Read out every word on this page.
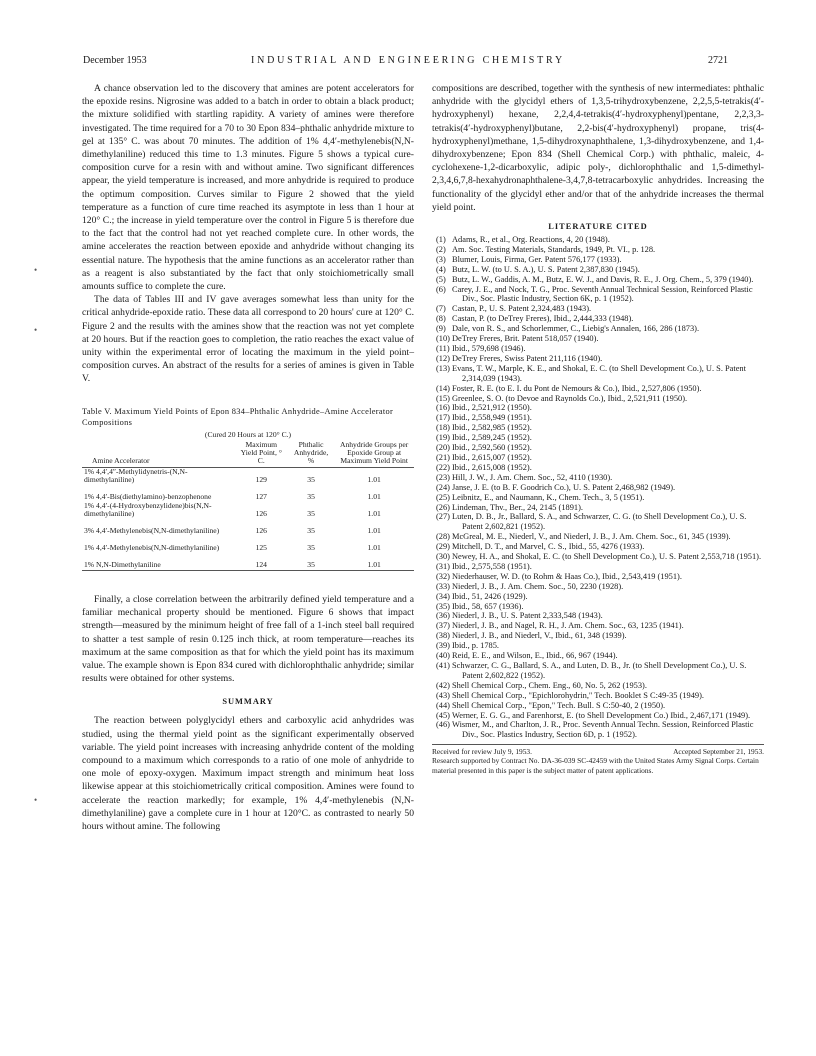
December 1953	INDUSTRIAL AND ENGINEERING CHEMISTRY	2721
•
•
•

A chance observation led to the discovery that amines are potent accelerators for the epoxide resins. Nigrosine was added to a batch in order to obtain a black product; the mixture solidified with startling rapidity. A variety of amines were therefore investigated. The time required for a 70 to 30 Epon 834–phthalic anhydride mixture to gel at 135° C. was about 70 minutes. The addition of 1% 4,4′-methylenebis(N,N-dimethylaniline) reduced this time to 1.3 minutes. Figure 5 shows a typical cure-composition curve for a resin with and without amine. Two significant differences appear, the yield temperature is increased, and more anhydride is required to produce the optimum composition. Curves similar to Figure 2 showed that the yield temperature as a function of cure time reached its asymptote in less than 1 hour at 120° C.; the increase in yield temperature over the control in Figure 5 is therefore due to the fact that the control had not yet reached complete cure. In other words, the amine accelerates the reaction between epoxide and anhydride without changing its essential nature. The hypothesis that the amine functions as an accelerator rather than as a reagent is also substantiated by the fact that only stoichiometrically small amounts suffice to complete the cure.

The data of Tables III and IV gave averages somewhat less than unity for the critical anhydride-epoxide ratio. These data all correspond to 20 hours' cure at 120° C. Figure 2 and the results with the amines show that the reaction was not yet complete at 20 hours. But if the reaction goes to completion, the ratio reaches the exact value of unity within the experimental error of locating the maximum in the yield point–composition curves. An abstract of the results for a series of amines is given in Table V.

Table V. Maximum Yield Points of Epon 834–Phthalic Anhydride–Amine Accelerator Compositions
(Cured 20 Hours at 120° C.)
Amine Accelerator	Maximum Yield Point, ° C.	Phthalic Anhydride, %	Anhydride Groups per Epoxide Group at Maximum Yield Point
1% 4,4′,4″-Methylidynetris-(N,N-dimethylaniline)	129	35	1.01
1% 4,4′-Bis(diethylamino)-benzophenone	127	35	1.01
1% 4,4′-(4-Hydroxybenzylidene)bis(N,N-dimethylaniline)	126	35	1.01
3% 4,4′-Methylenebis(N,N-dimethylaniline)	126	35	1.01
1% 4,4′-Methylenebis(N,N-dimethylaniline)	125	35	1.01
1% N,N-Dimethylaniline	124	35	1.01

Finally, a close correlation between the arbitrarily defined yield temperature and a familiar mechanical property should be mentioned. Figure 6 shows that impact strength—measured by the minimum height of free fall of a 1-inch steel ball required to shatter a test sample of resin 0.125 inch thick, at room temperature—reaches its maximum at the same composition as that for which the yield point has its maximum value. The example shown is Epon 834 cured with dichlorophthalic anhydride; similar results were obtained for other systems.

SUMMARY

The reaction between polyglycidyl ethers and carboxylic acid anhydrides was studied, using the thermal yield point as the significant experimentally observed variable. The yield point increases with increasing anhydride content of the molding compound to a maximum which corresponds to a ratio of one mole of anhydride to one mole of epoxy-oxygen. Maximum impact strength and minimum heat loss likewise appear at this stoichiometrically critical composition. Amines were found to accelerate the reaction markedly; for example, 1% 4,4′-methylenebis (N,N-dimethylaniline) gave a complete cure in 1 hour at 120°C. as contrasted to nearly 50 hours without amine. The following

compositions are described, together with the synthesis of new intermediates: phthalic anhydride with the glycidyl ethers of 1,3,5-trihydroxybenzene, 2,2,5,5-tetrakis(4′-hydroxyphenyl) hexane, 2,2,4,4-tetrakis(4′-hydroxyphenyl)pentane, 2,2,3,3-tetrakis(4′-hydroxyphenyl)butane, 2,2-bis(4′-hydroxyphenyl) propane, tris(4-hydroxyphenyl)methane, 1,5-dihydroxynaphthalene, 1,3-dihydroxybenzene, and 1,4-dihydroxybenzene; Epon 834 (Shell Chemical Corp.) with phthalic, maleic, 4-cyclohexene-1,2-dicarboxylic, adipic poly-, dichlorophthalic and 1,5-dimethyl-2,3,4,6,7,8-hexahydronaphthalene-3,4,7,8-tetracarboxylic anhydrides. Increasing the functionality of the glycidyl ether and/or that of the anhydride increases the thermal yield point.

LITERATURE CITED
(1) Adams, R., et al., Org. Reactions, 4, 20 (1948).
(2) Am. Soc. Testing Materials, Standards, 1949, Pt. VI., p. 128.
(3) Blumer, Louis, Firma, Ger. Patent 576,177 (1933).
(4) Butz, L. W. (to U. S. A.), U. S. Patent 2,387,830 (1945).
(5) Butz, L. W., Gaddis, A. M., Butz, E. W. J., and Davis, R. E., J. Org. Chem., 5, 379 (1940).
(6) Carey, J. E., and Nock, T. G., Proc. Seventh Annual Technical Session, Reinforced Plastic Div., Soc. Plastic Industry, Section 6K, p. 1 (1952).
(7) Castan, P., U. S. Patent 2,324,483 (1943).
(8) Castan, P. (to DeTrey Freres), Ibid., 2,444,333 (1948).
(9) Dale, von R. S., and Schorlemmer, C., Liebig's Annalen, 166, 286 (1873).
(10) DeTrey Freres, Brit. Patent 518,057 (1940).
(11) Ibid., 579,698 (1946).
(12) DeTrey Freres, Swiss Patent 211,116 (1940).
(13) Evans, T. W., Marple, K. E., and Shokal, E. C. (to Shell Development Co.), U. S. Patent 2,314,039 (1943).
(14) Foster, R. E. (to E. I. du Pont de Nemours & Co.), Ibid., 2,527,806 (1950).
(15) Greenlee, S. O. (to Devoe and Raynolds Co.), Ibid., 2,521,911 (1950).
(16) Ibid., 2,521,912 (1950).
(17) Ibid., 2,558,949 (1951).
(18) Ibid., 2,582,985 (1952).
(19) Ibid., 2,589,245 (1952).
(20) Ibid., 2,592,560 (1952).
(21) Ibid., 2,615,007 (1952).
(22) Ibid., 2,615,008 (1952).
(23) Hill, J. W., J. Am. Chem. Soc., 52, 4110 (1930).
(24) Janse, J. E. (to B. F. Goodrich Co.), U. S. Patent 2,468,982 (1949).
(25) Leibnitz, E., and Naumann, K., Chem. Tech., 3, 5 (1951).
(26) Lindeman, Thv., Ber., 24, 2145 (1891).
(27) Luten, D. B., Jr., Ballard, S. A., and Schwarzer, C. G. (to Shell Development Co.), U. S. Patent 2,602,821 (1952).
(28) McGreal, M. E., Niederl, V., and Niederl, J. B., J. Am. Chem. Soc., 61, 345 (1939).
(29) Mitchell, D. T., and Marvel, C. S., Ibid., 55, 4276 (1933).
(30) Newey, H. A., and Shokal, E. C. (to Shell Development Co.), U. S. Patent 2,553,718 (1951).
(31) Ibid., 2,575,558 (1951).
(32) Niederhauser, W. D. (to Rohm & Haas Co.), Ibid., 2,543,419 (1951).
(33) Niederl, J. B., J. Am. Chem. Soc., 50, 2230 (1928).
(34) Ibid., 51, 2426 (1929).
(35) Ibid., 58, 657 (1936).
(36) Niederl, J. B., U. S. Patent 2,333,548 (1943).
(37) Niederl, J. B., and Nagel, R. H., J. Am. Chem. Soc., 63, 1235 (1941).
(38) Niederl, J. B., and Niederl, V., Ibid., 61, 348 (1939).
(39) Ibid., p. 1785.
(40) Reid, E. E., and Wilson, E., Ibid., 66, 967 (1944).
(41) Schwarzer, C. G., Ballard, S. A., and Luten, D. B., Jr. (to Shell Development Co.), U. S. Patent 2,602,822 (1952).
(42) Shell Chemical Corp., Chem. Eng., 60, No. 5, 262 (1953).
(43) Shell Chemical Corp., "Epichlorohydrin," Tech. Booklet S C:49-35 (1949).
(44) Shell Chemical Corp., "Epon," Tech. Bull. S C:50-40, 2 (1950).
(45) Werner, E. G. G., and Farenhorst, E. (to Shell Development Co.) Ibid., 2,467,171 (1949).
(46) Wismer, M., and Charlton, J. R., Proc. Seventh Annual Techn. Session, Reinforced Plastic Div., Soc. Plastics Industry, Section 6D, p. 1 (1952).
Received for review July 9, 1953.	Accepted September 21, 1953.
Research supported by Contract No. DA-36-039 SC-42459 with the United States Army Signal Corps. Certain material presented in this paper is the subject matter of patent applications.
